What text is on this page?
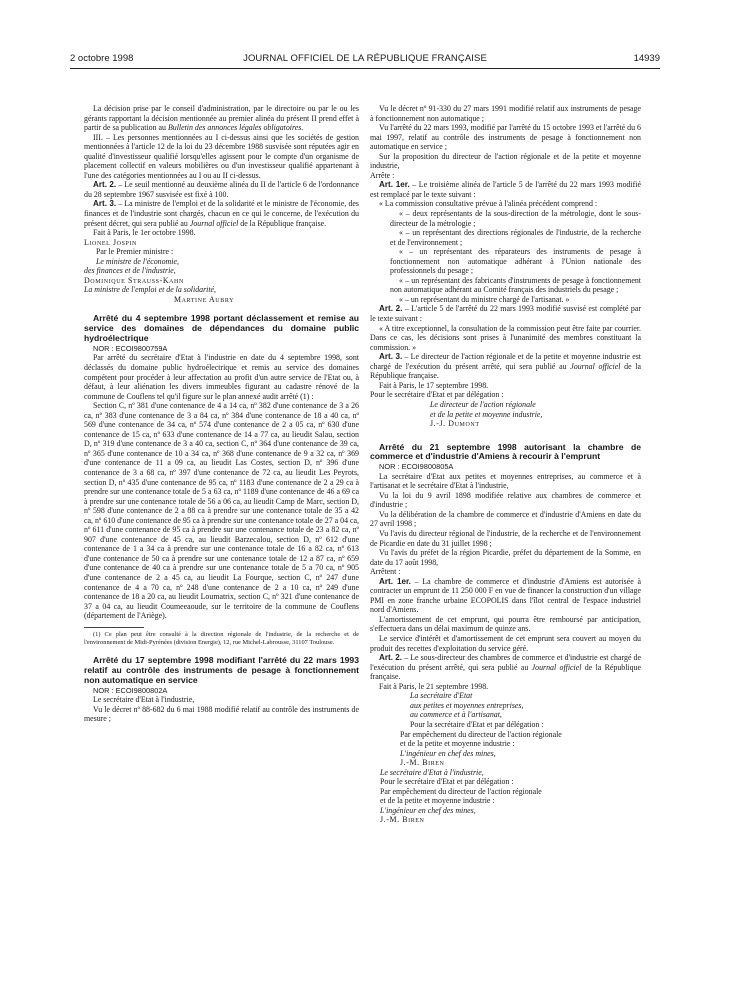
2 octobre 1998	JOURNAL OFFICIEL DE LA RÉPUBLIQUE FRANÇAISE	14939

La décision prise par le conseil d'administration, par le directoire ou par le ou les gérants rapportant la décision mentionnée au premier alinéa du présent II prend effet à partir de sa publication au Bulletin des annonces légales obligatoires.

III. – Les personnes mentionnées au I ci-dessus ainsi que les sociétés de gestion mentionnées à l'article 12 de la loi du 23 décembre 1988 susvisée sont réputées agir en qualité d'investisseur qualifié lorsqu'elles agissent pour le compte d'un organisme de placement collectif en valeurs mobilières ou d'un investisseur qualifié appartenant à l'une des catégories mentionnées au I ou au II ci-dessus.

Art. 2. – Le seuil mentionné au deuxième alinéa du II de l'article 6 de l'ordonnance du 28 septembre 1967 susvisée est fixé à 100.

Art. 3. – La ministre de l'emploi et de la solidarité et le ministre de l'économie, des finances et de l'industrie sont chargés, chacun en ce qui le concerne, de l'exécution du présent décret, qui sera publié au Journal officiel de la République française.

Fait à Paris, le 1er octobre 1998.

Lionel Jospin

Par le Premier ministre :

Le ministre de l'économie,

des finances et de l'industrie,

Dominique Strauss-Kahn

La ministre de l'emploi et de la solidarité,

Martine Aubry

Arrêté du 4 septembre 1998 portant déclassement et remise au service des domaines de dépendances du domaine public hydroélectrique

NOR : ECOI9800759A

Par arrêté du secrétaire d'Etat à l'industrie en date du 4 septembre 1998, sont déclassés du domaine public hydroélectrique et remis au service des domaines compétent pour procéder à leur affectation au profit d'un autre service de l'Etat ou, à défaut, à leur aliénation les divers immeubles figurant au cadastre rénové de la commune de Couflens tel qu'il figure sur le plan annexé audit arrêté (1) :

Section C, nº 381 d'une contenance de 4 a 14 ca, nº 382 d'une contenance de 3 a 26 ca, nº 383 d'une contenance de 3 a 84 ca, nº 384 d'une contenance de 18 a 40 ca, nº 569 d'une contenance de 34 ca, nº 574 d'une contenance de 2 a 05 ca, nº 630 d'une contenance de 15 ca, nº 633 d'une contenance de 14 a 77 ca, au lieudit Salau, section D, nº 319 d'une contenance de 3 a 40 ca, section C, nº 364 d'une contenance de 39 ca, nº 365 d'une contenance de 10 a 34 ca, nº 368 d'une contenance de 9 a 32 ca, nº 369 d'une contenance de 11 a 09 ca, au lieudit Las Costes, section D, nº 396 d'une contenance de 3 a 68 ca, nº 397 d'une contenance de 72 ca, au lieudit Les Peyrots, section D, nº 435 d'une contenance de 95 ca, nº 1183 d'une contenance de 2 a 29 ca à prendre sur une contenance totale de 5 a 63 ca, nº 1189 d'une contenance de 46 a 69 ca à prendre sur une contenance totale de 56 a 06 ca, au lieudit Camp de Marc, section D, nº 598 d'une contenance de 2 a 88 ca à prendre sur une contenance totale de 35 a 42 ca, nº 610 d'une contenance de 95 ca à prendre sur une contenance totale de 27 a 04 ca, nº 611 d'une contenance de 95 ca à prendre sur une contenance totale de 23 a 82 ca, nº 907 d'une contenance de 45 ca, au lieudit Barzecalou, section D, nº 612 d'une contenance de 1 a 34 ca à prendre sur une contenance totale de 16 a 82 ca, nº 613 d'une contenance de 50 ca à prendre sur une contenance totale de 12 a 87 ca, nº 659 d'une contenance de 40 ca à prendre sur une contenance totale de 5 a 70 ca, nº 905 d'une contenance de 2 a 45 ca, au lieudit La Fourque, section C, nº 247 d'une contenance de 4 a 70 ca, nº 248 d'une contenance de 2 a 10 ca, nº 249 d'une contenance de 18 a 20 ca, au lieudit Loumatrix, section C, nº 321 d'une contenance de 37 a 04 ca, au lieudit Coumeeaoude, sur le territoire de la commune de Couflens (département de l'Ariège).

(1) Ce plan peut être consulté à la direction régionale de l'industrie, de la recherche et de l'environnement de Midi-Pyrénées (division Energie), 12, rue Michel-Labrousse, 31107 Toulouse.

Arrêté du 17 septembre 1998 modifiant l'arrêté du 22 mars 1993 relatif au contrôle des instruments de pesage à fonctionnement non automatique en service

NOR : ECOI9800802A

Le secrétaire d'Etat à l'industrie,

Vu le décret nº 88-682 du 6 mai 1988 modifié relatif au contrôle des instruments de mesure ;

Vu le décret nº 91-330 du 27 mars 1991 modifié relatif aux instruments de pesage à fonctionnement non automatique ;

Vu l'arrêté du 22 mars 1993, modifié par l'arrêté du 15 octobre 1993 et l'arrêté du 6 mai 1997, relatif au contrôle des instruments de pesage à fonctionnement non automatique en service ;

Sur la proposition du directeur de l'action régionale et de la petite et moyenne industrie,

Arrête :

Art. 1er. – Le troisième alinéa de l'article 5 de l'arrêté du 22 mars 1993 modifié est remplacé par le texte suivant :

« La commission consultative prévue à l'alinéa précédent comprend :

« – deux représentants de la sous-direction de la métrologie, dont le sous-directeur de la métrologie ;

« – un représentant des directions régionales de l'industrie, de la recherche et de l'environnement ;

« – un représentant des réparateurs des instruments de pesage à fonctionnement non automatique adhérant à l'Union nationale des professionnels du pesage ;

« – un représentant des fabricants d'instruments de pesage à fonctionnement non automatique adhérant au Comité français des industriels du pesage ;

« – un représentant du ministre chargé de l'artisanat. »

Art. 2. – L'article 5 de l'arrêté du 22 mars 1993 modifié susvisé est complété par le texte suivant :

« A titre exceptionnel, la consultation de la commission peut être faite par courrier. Dans ce cas, les décisions sont prises à l'unanimité des membres constituant la commission. »

Art. 3. – Le directeur de l'action régionale et de la petite et moyenne industrie est chargé de l'exécution du présent arrêté, qui sera publié au Journal officiel de la République française.

Fait à Paris, le 17 septembre 1998.

Pour le secrétaire d'Etat et par délégation :

Le directeur de l'action régionale

et de la petite et moyenne industrie,

J.-J. Dumont

Arrêté du 21 septembre 1998 autorisant la chambre de commerce et d'industrie d'Amiens à recourir à l'emprunt

NOR : ECOI9800805A

La secrétaire d'Etat aux petites et moyennes entreprises, au commerce et à l'artisanat et le secrétaire d'Etat à l'industrie,

Vu la loi du 9 avril 1898 modifiée relative aux chambres de commerce et d'industrie ;

Vu la délibération de la chambre de commerce et d'industrie d'Amiens en date du 27 avril 1998 ;

Vu l'avis du directeur régional de l'industrie, de la recherche et de l'environnement de Picardie en date du 31 juillet 1998 ;

Vu l'avis du préfet de la région Picardie, préfet du département de la Somme, en date du 17 août 1998,

Arrêtent :

Art. 1er. – La chambre de commerce et d'industrie d'Amiens est autorisée à contracter un emprunt de 11 250 000 F en vue de financer la construction d'un village PMI en zone franche urbaine ECOPOLIS dans l'îlot central de l'espace industriel nord d'Amiens.

L'amortissement de cet emprunt, qui pourra être remboursé par anticipation, s'effectuera dans un délai maximum de quinze ans.

Le service d'intérêt et d'amortissement de cet emprunt sera couvert au moyen du produit des recettes d'exploitation du service géré.

Art. 2. – Le sous-directeur des chambres de commerce et d'industrie est chargé de l'exécution du présent arrêté, qui sera publié au Journal officiel de la République française.

Fait à Paris, le 21 septembre 1998.

La secrétaire d'Etat

aux petites et moyennes entreprises,

au commerce et à l'artisanat,

Pour la secrétaire d'Etat et par délégation :

Par empêchement du directeur de l'action régionale

et de la petite et moyenne industrie :

L'ingénieur en chef des mines,

J.-M. Biren

Le secrétaire d'Etat à l'industrie,

Pour le secrétaire d'Etat et par délégation :

Par empêchement du directeur de l'action régionale

et de la petite et moyenne industrie :

L'ingénieur en chef des mines,

J.-M. Biren
